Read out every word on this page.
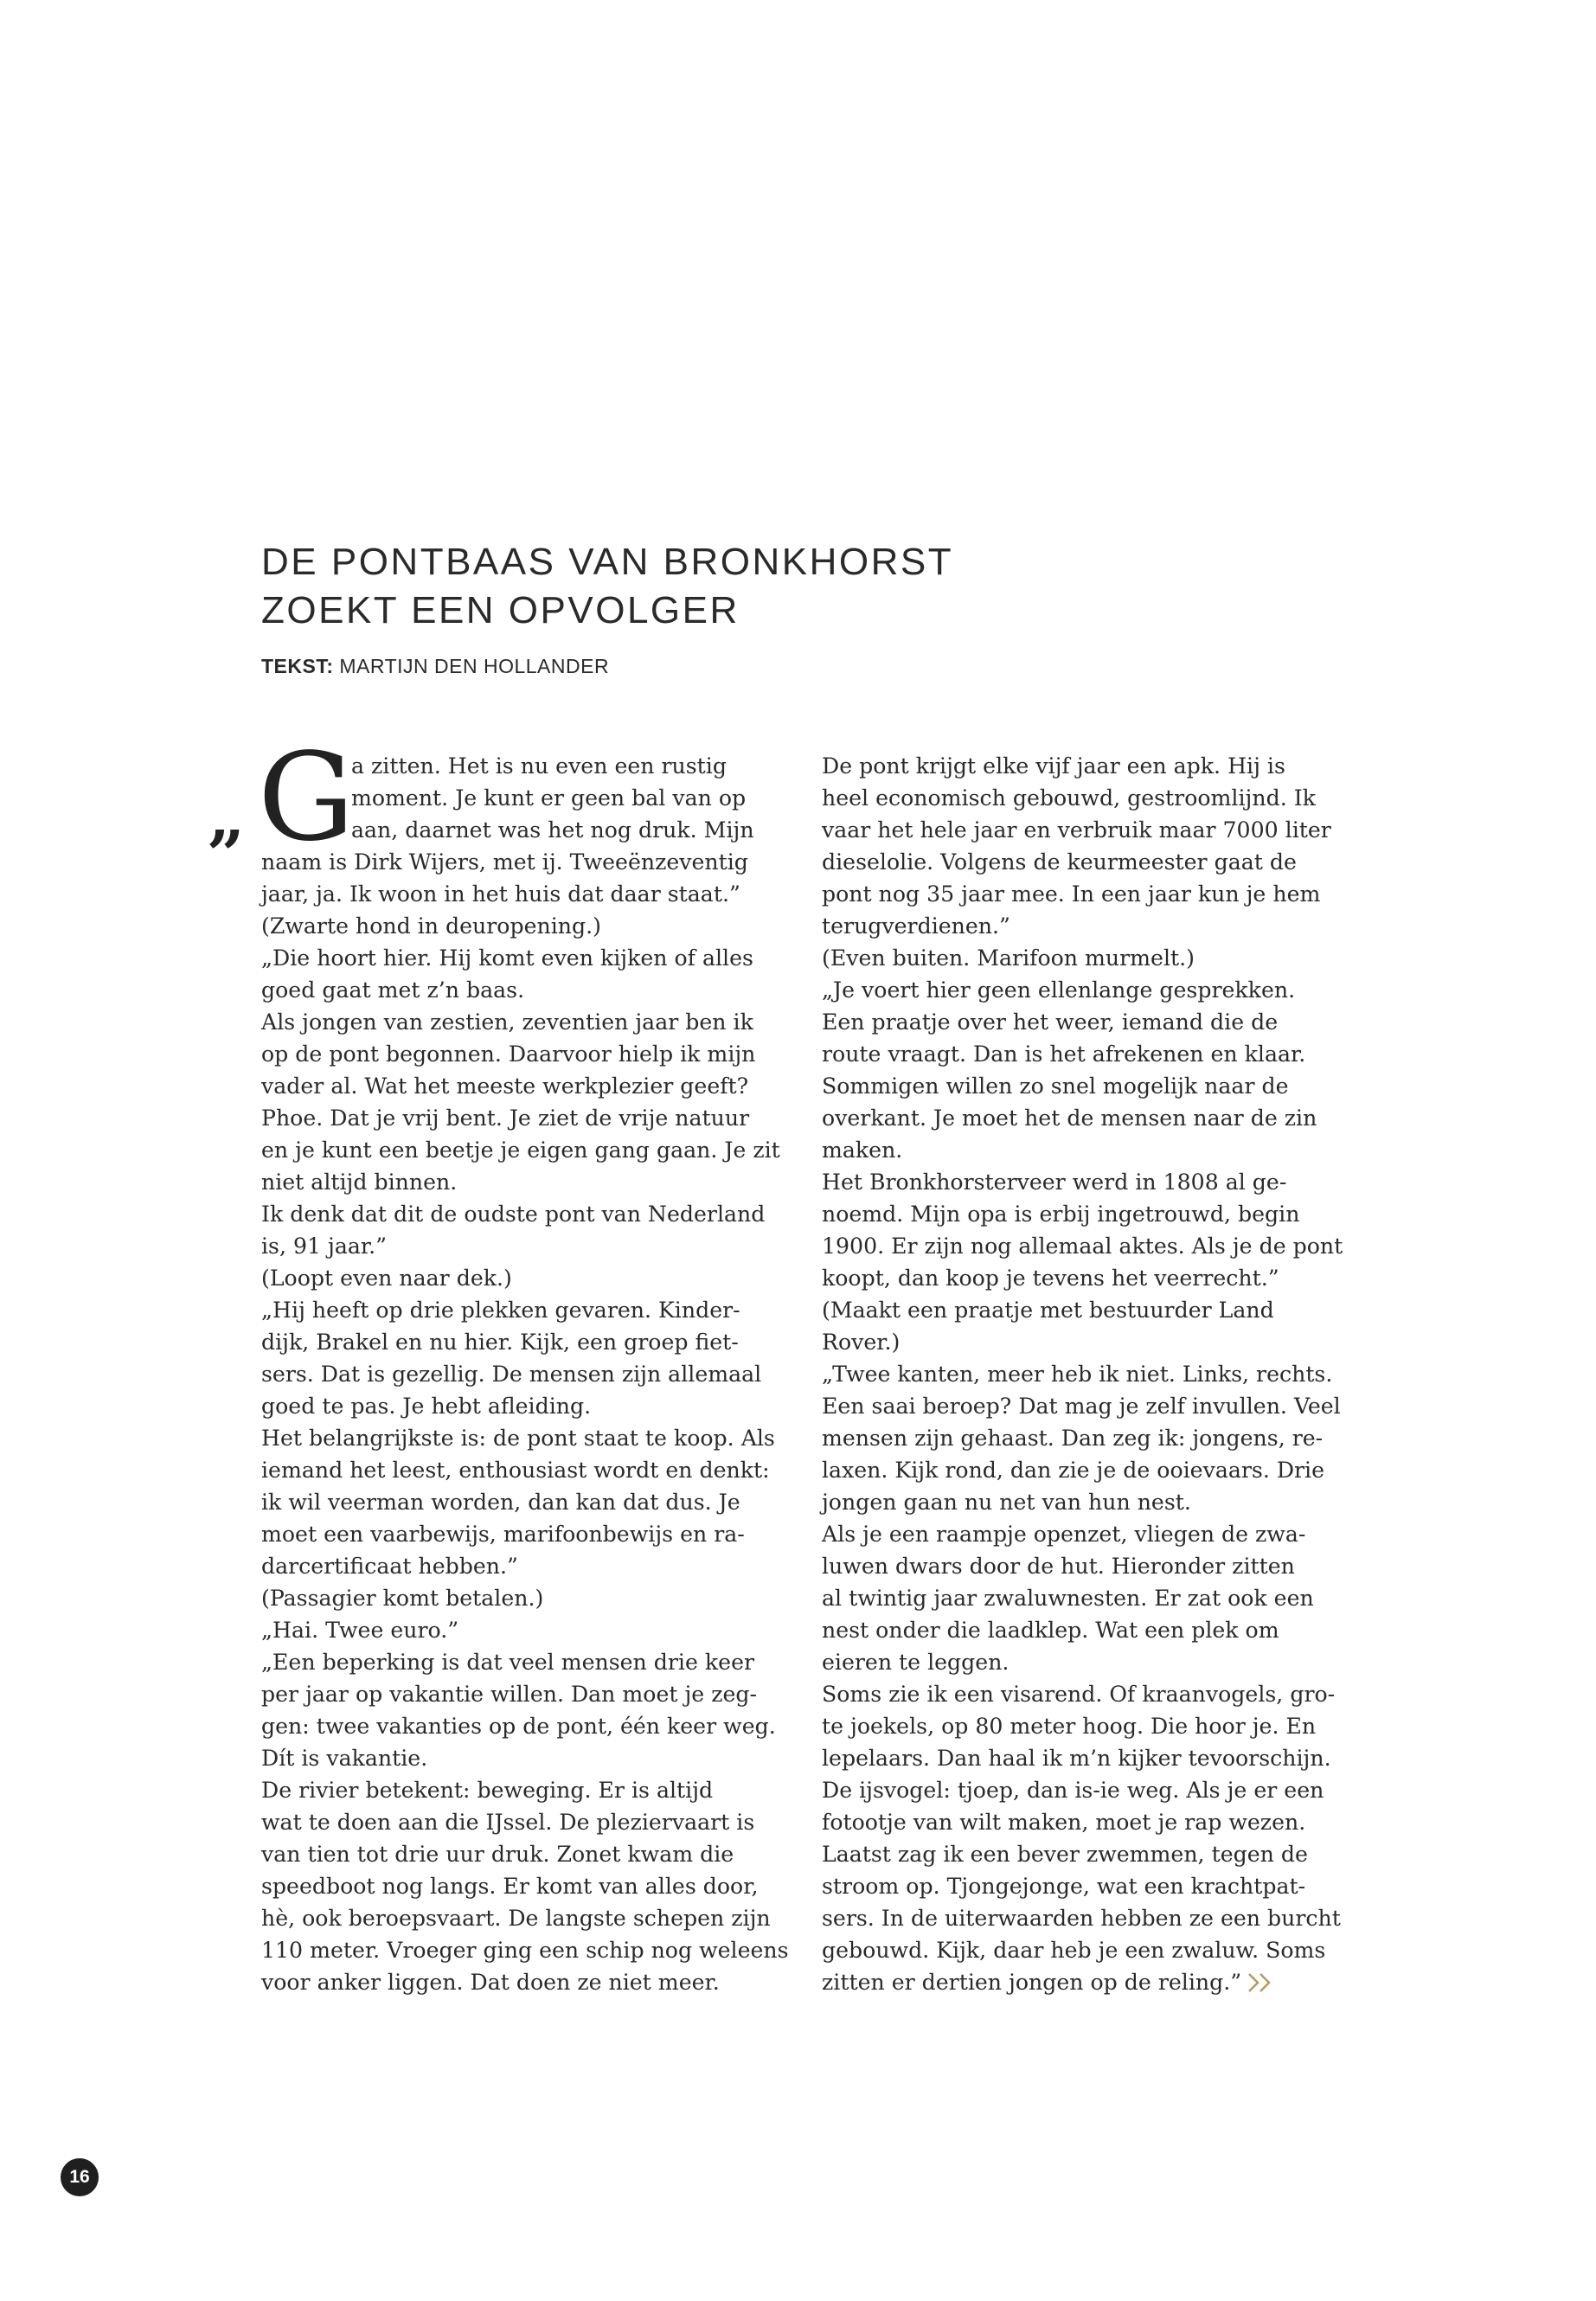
DE PONTBAAS VAN BRONKHORST
ZOEKT EEN OPVOLGER
TEKST: MARTIJN DEN HOLLANDER
„ G

a zitten. Het is nu even een rustig
moment. Je kunt er geen bal van op
aan, daarnet was het nog druk. Mijn
naam is Dirk Wijers, met ij. Tweeënzeventig
jaar, ja. Ik woon in het huis dat daar staat.”
(Zwarte hond in deuropening.)
„Die hoort hier. Hij komt even kijken of alles
goed gaat met z’n baas.
Als jongen van zestien, zeventien jaar ben ik
op de pont begonnen. Daarvoor hielp ik mijn
vader al. Wat het meeste werkplezier geeft?
Phoe. Dat je vrij bent. Je ziet de vrije natuur
en je kunt een beetje je eigen gang gaan. Je zit
niet altijd binnen.
Ik denk dat dit de oudste pont van Nederland
is, 91 jaar.”
(Loopt even naar dek.)
„Hij heeft op drie plekken gevaren. Kinder-
dijk, Brakel en nu hier. Kijk, een groep fiet-
sers. Dat is gezellig. De mensen zijn allemaal
goed te pas. Je hebt afleiding.
Het belangrijkste is: de pont staat te koop. Als
iemand het leest, enthousiast wordt en denkt:
ik wil veerman worden, dan kan dat dus. Je
moet een vaarbewijs, marifoonbewijs en ra-
darcertificaat hebben.”
(Passagier komt betalen.)
„Hai. Twee euro.”
„Een beperking is dat veel mensen drie keer
per jaar op vakantie willen. Dan moet je zeg-
gen: twee vakanties op de pont, één keer weg.
Dít is vakantie.
De rivier betekent: beweging. Er is altijd
wat te doen aan die IJssel. De pleziervaart is
van tien tot drie uur druk. Zonet kwam die
speedboot nog langs. Er komt van alles door,
hè, ook beroepsvaart. De langste schepen zijn
110 meter. Vroeger ging een schip nog weleens
voor anker liggen. Dat doen ze niet meer.

De pont krijgt elke vijf jaar een apk. Hij is
heel economisch gebouwd, gestroomlijnd. Ik
vaar het hele jaar en verbruik maar 7000 liter
dieselolie. Volgens de keurmeester gaat de
pont nog 35 jaar mee. In een jaar kun je hem
terugverdienen.”
(Even buiten. Marifoon murmelt.)
„Je voert hier geen ellenlange gesprekken.
Een praatje over het weer, iemand die de
route vraagt. Dan is het afrekenen en klaar.
Sommigen willen zo snel mogelijk naar de
overkant. Je moet het de mensen naar de zin
maken.
Het Bronkhorsterveer werd in 1808 al ge-
noemd. Mijn opa is erbij ingetrouwd, begin
1900. Er zijn nog allemaal aktes. Als je de pont
koopt, dan koop je tevens het veerrecht.”
(Maakt een praatje met bestuurder Land
Rover.)
„Twee kanten, meer heb ik niet. Links, rechts.
Een saai beroep? Dat mag je zelf invullen. Veel
mensen zijn gehaast. Dan zeg ik: jongens, re-
laxen. Kijk rond, dan zie je de ooievaars. Drie
jongen gaan nu net van hun nest.
Als je een raampje openzet, vliegen de zwa-
luwen dwars door de hut. Hieronder zitten
al twintig jaar zwaluwnesten. Er zat ook een
nest onder die laadklep. Wat een plek om
eieren te leggen.
Soms zie ik een visarend. Of kraanvogels, gro-
te joekels, op 80 meter hoog. Die hoor je. En
lepelaars. Dan haal ik m’n kijker tevoorschijn.
De ijsvogel: tjoep, dan is-ie weg. Als je er een
fotootje van wilt maken, moet je rap wezen.
Laatst zag ik een bever zwemmen, tegen de
stroom op. Tjongejonge, wat een krachtpat-
sers. In de uiterwaarden hebben ze een burcht
gebouwd. Kijk, daar heb je een zwaluw. Soms
zitten er dertien jongen op de reling.”

16
